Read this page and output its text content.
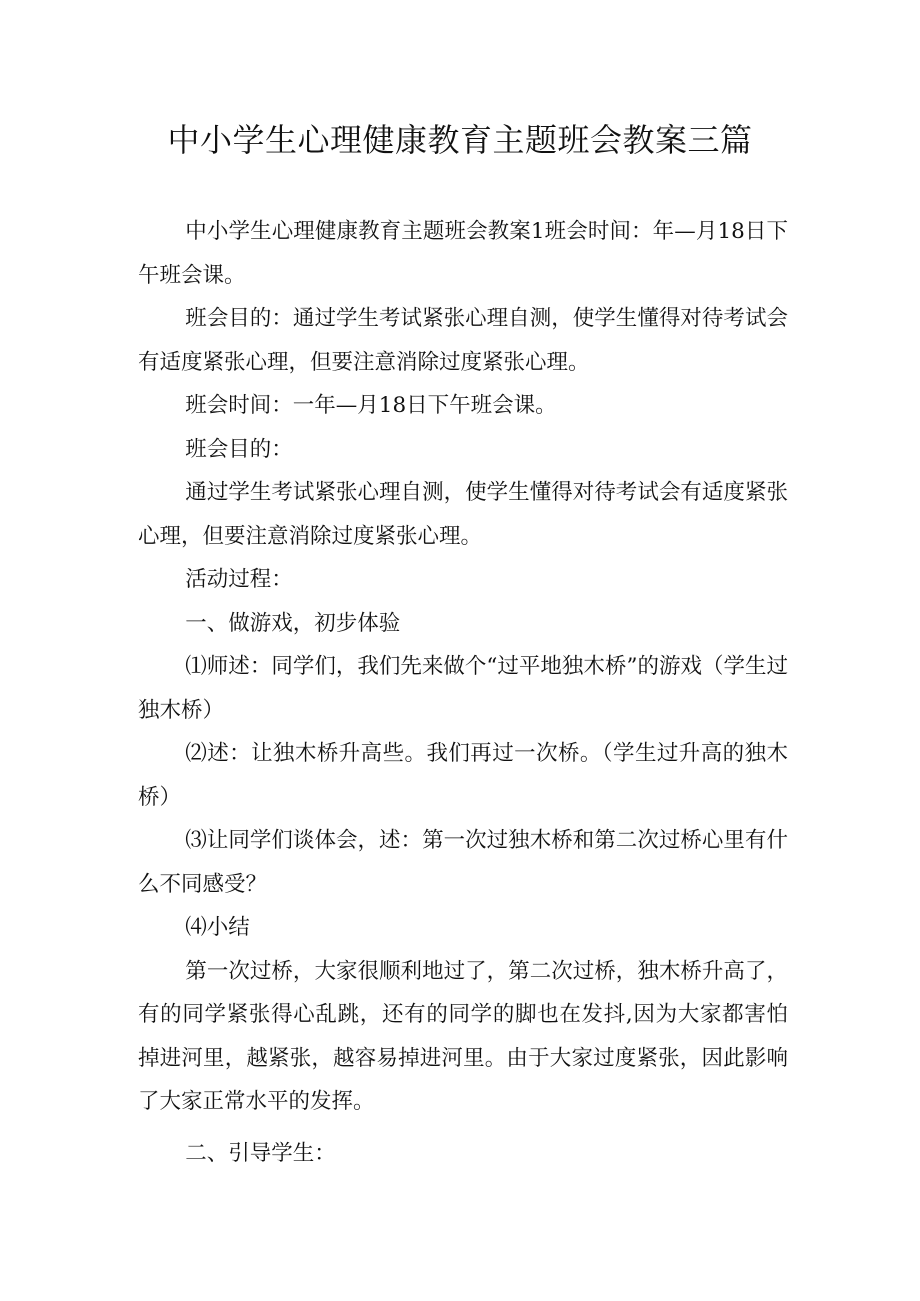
中小学生心理健康教育主题班会教案三篇

中小学生心理健康教育主题班会教案1班会时间：年—月18日下午班会课。

班会目的：通过学生考试紧张心理自测，使学生懂得对待考试会有适度紧张心理，但要注意消除过度紧张心理。

班会时间：一年—月18日下午班会课。

班会目的：

通过学生考试紧张心理自测，使学生懂得对待考试会有适度紧张心理，但要注意消除过度紧张心理。

活动过程：

一、做游戏，初步体验

⑴师述：同学们，我们先来做个“过平地独木桥”的游戏（学生过独木桥）

⑵述：让独木桥升高些。我们再过一次桥。（学生过升高的独木桥）

⑶让同学们谈体会，述：第一次过独木桥和第二次过桥心里有什么不同感受？

⑷小结

第一次过桥，大家很顺利地过了，第二次过桥，独木桥升高了，有的同学紧张得心乱跳，还有的同学的脚也在发抖,因为大家都害怕掉进河里，越紧张，越容易掉进河里。由于大家过度紧张，因此影响了大家正常水平的发挥。

二、引导学生：
